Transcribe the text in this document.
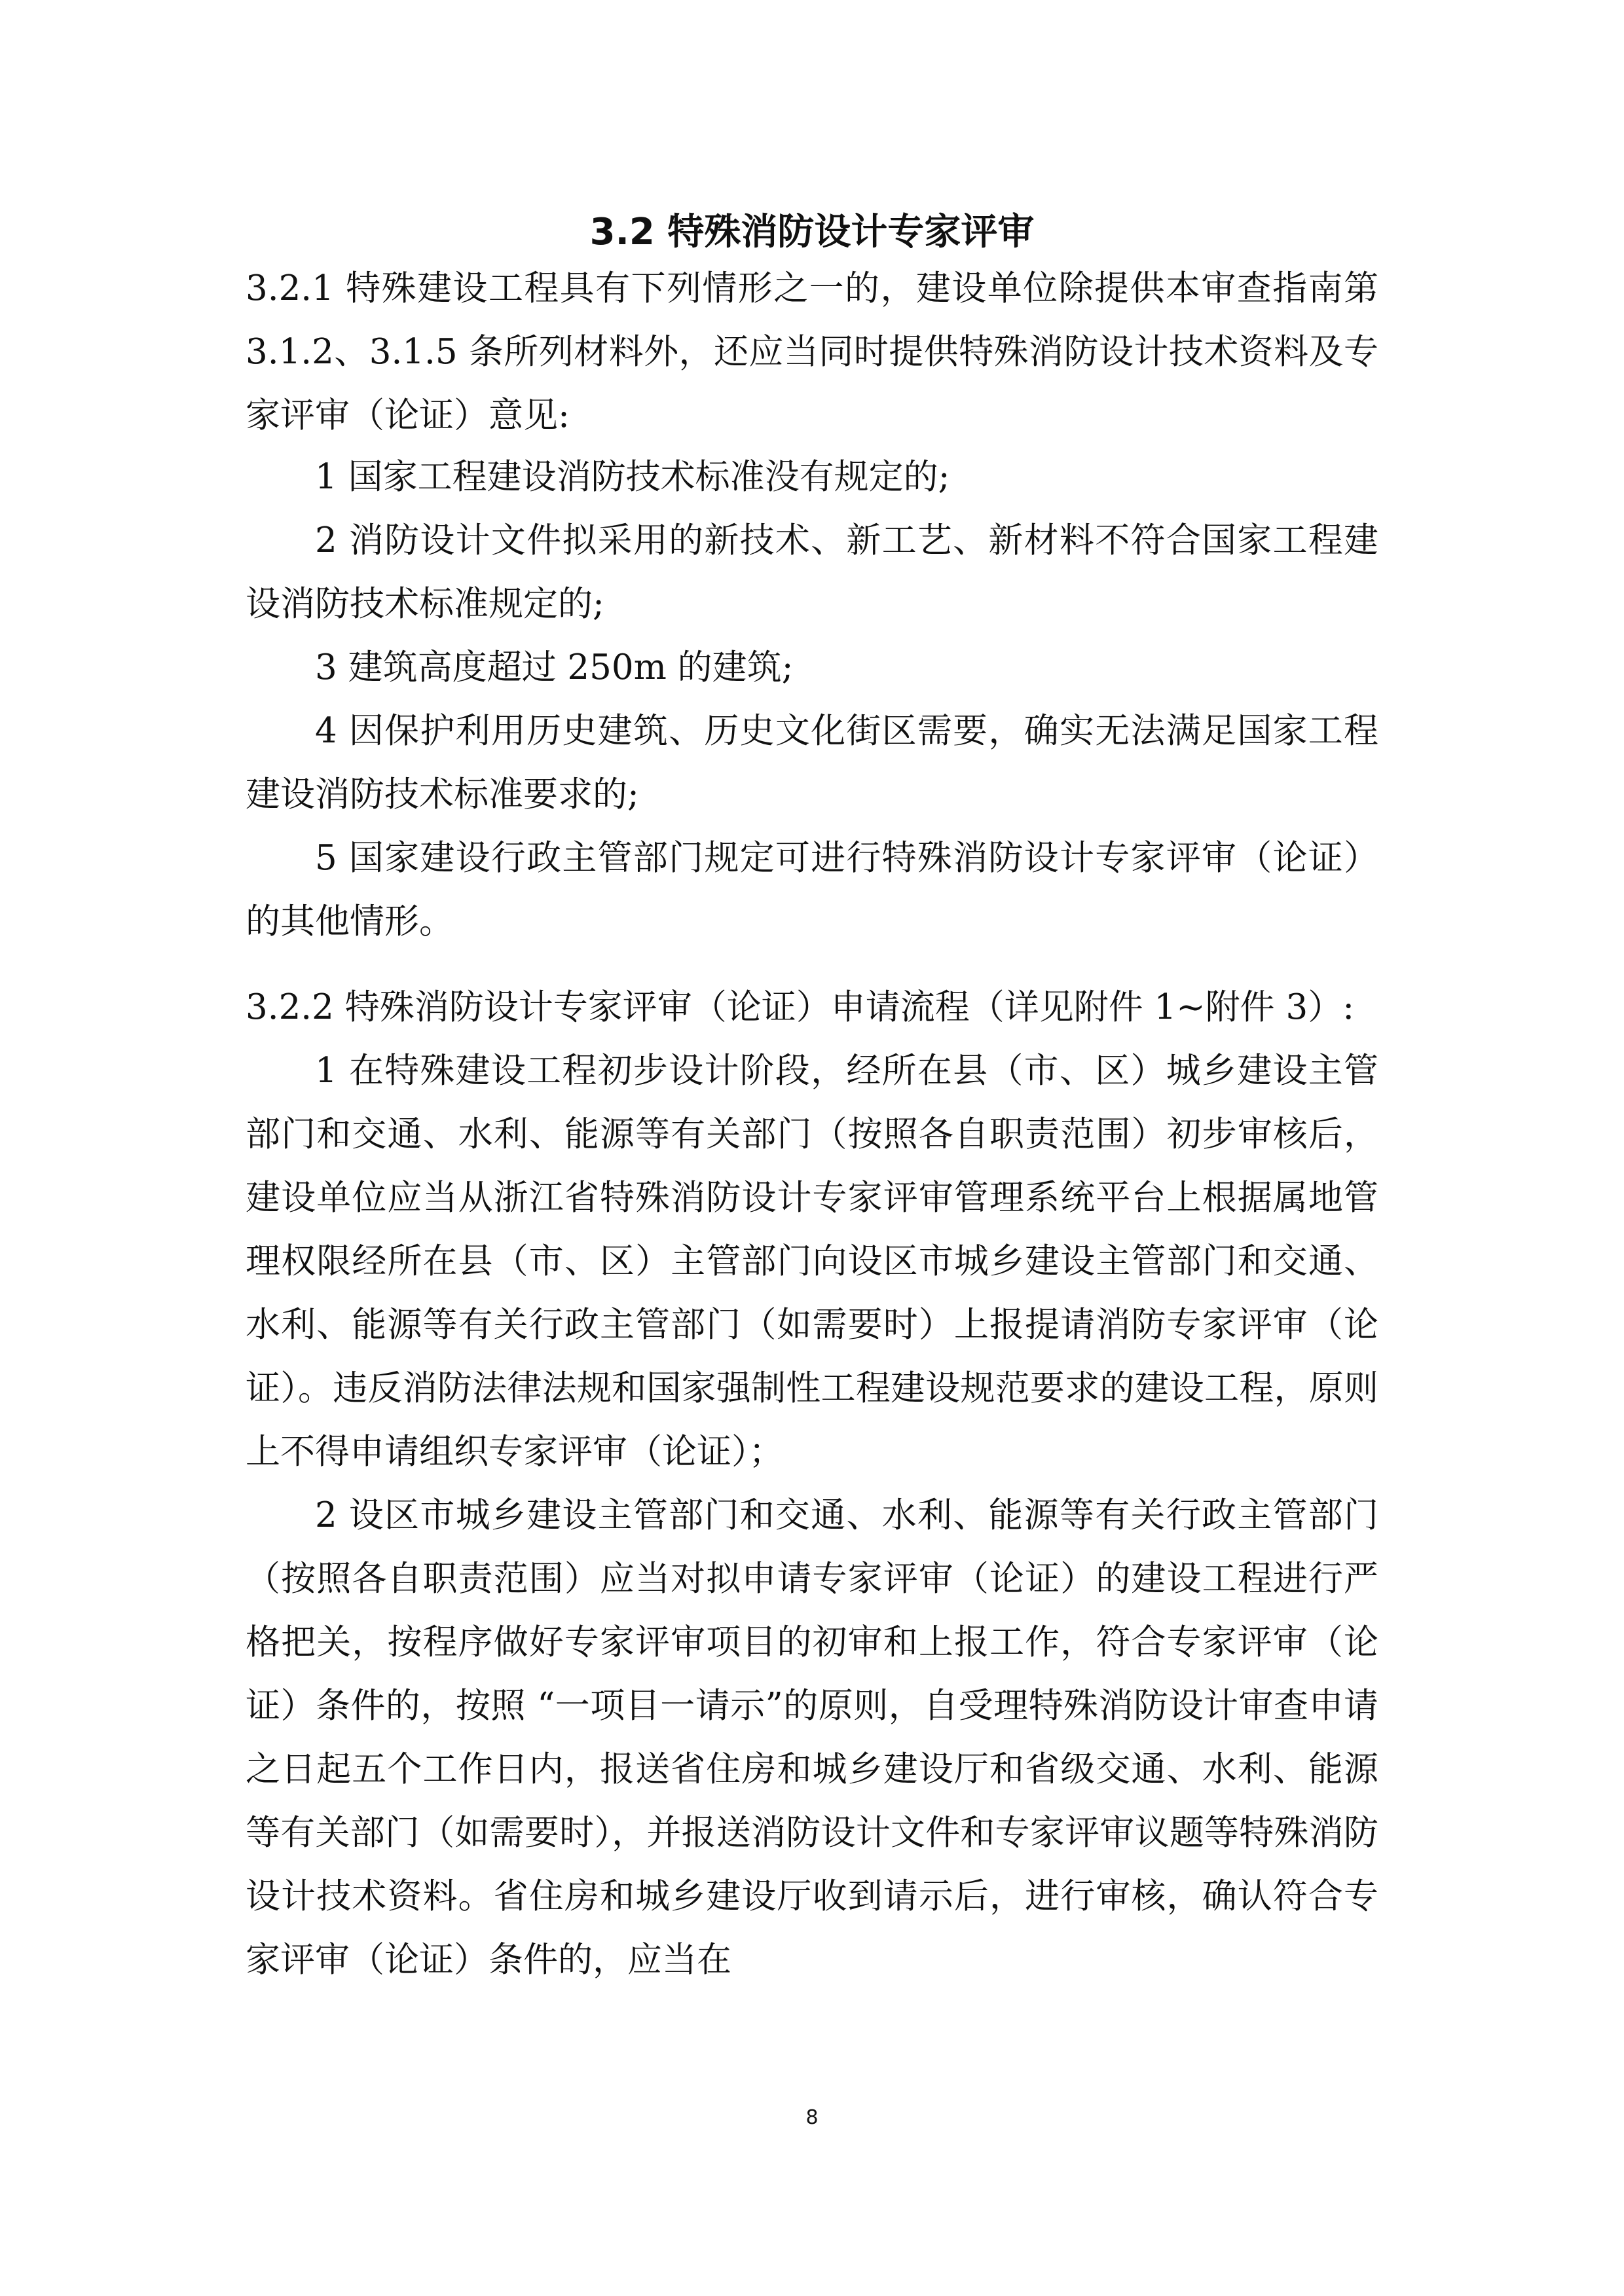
3.2 特殊消防设计专家评审

3.2.1 特殊建设工程具有下列情形之一的，建设单位除提供本审查指南第 3.1.2、3.1.5 条所列材料外，还应当同时提供特殊消防设计技术资料及专家评审（论证）意见:

1 国家工程建设消防技术标准没有规定的;

2 消防设计文件拟采用的新技术、新工艺、新材料不符合国家工程建设消防技术标准规定的;

3 建筑高度超过 250m 的建筑;

4 因保护利用历史建筑、历史文化街区需要，确实无法满足国家工程建设消防技术标准要求的;

5 国家建设行政主管部门规定可进行特殊消防设计专家评审（论证）的其他情形。

3.2.2 特殊消防设计专家评审（论证）申请流程（详见附件 1~附件 3）:

1 在特殊建设工程初步设计阶段，经所在县（市、区）城乡建设主管部门和交通、水利、能源等有关部门（按照各自职责范围）初步审核后，建设单位应当从浙江省特殊消防设计专家评审管理系统平台上根据属地管理权限经所在县（市、区）主管部门向设区市城乡建设主管部门和交通、水利、能源等有关行政主管部门（如需要时）上报提请消防专家评审（论证）。违反消防法律法规和国家强制性工程建设规范要求的建设工程，原则上不得申请组织专家评审（论证）；

2 设区市城乡建设主管部门和交通、水利、能源等有关行政主管部门（按照各自职责范围）应当对拟申请专家评审（论证）的建设工程进行严格把关，按程序做好专家评审项目的初审和上报工作，符合专家评审（论证）条件的，按照 “一项目一请示”的原则，自受理特殊消防设计审查申请之日起五个工作日内，报送省住房和城乡建设厅和省级交通、水利、能源等有关部门（如需要时），并报送消防设计文件和专家评审议题等特殊消防设计技术资料。省住房和城乡建设厅收到请示后，进行审核，确认符合专家评审（论证）条件的，应当在

8
